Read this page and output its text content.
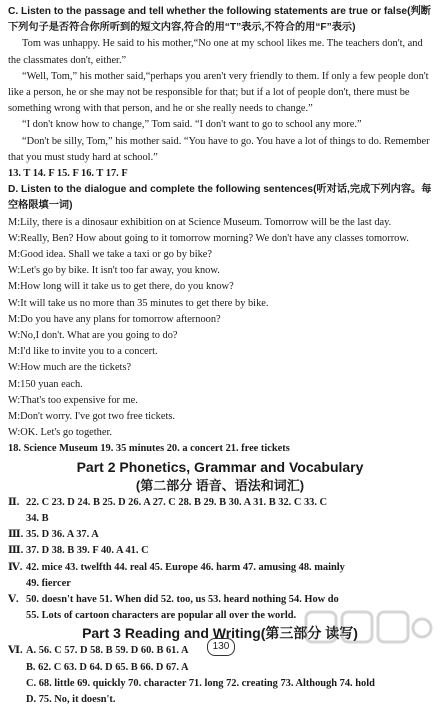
C. Listen to the passage and tell whether the following statements are true or false(判断下列句子是否符合你所听到的短文内容,符合的用“T”表示,不符合的用“F”表示)
Tom was unhappy. He said to his mother,“No one at my school likes me. The teachers don't, and the classmates don't, either.”
“Well, Tom,” his mother said,“perhaps you aren't very friendly to them. If only a few people don't like a person, he or she may not be responsible for that; but if a lot of people don't, there must be something wrong with that person, and he or she really needs to change.”
“I don't know how to change,” Tom said. “I don't want to go to school any more.”
“Don't be silly, Tom,” his mother said. “You have to go. You have a lot of things to do. Remember that you must study hard at school.”
13. T 14. F 15. F 16. T 17. F
D. Listen to the dialogue and complete the following sentences(听对话,完成下列内容。每空格限填一词)
M:Lily, there is a dinosaur exhibition on at Science Museum. Tomorrow will be the last day.
W:Really, Ben? How about going to it tomorrow morning? We don't have any classes tomorrow.
M:Good idea. Shall we take a taxi or go by bike?
W:Let's go by bike. It isn't too far away, you know.
M:How long will it take us to get there, do you know?
W:It will take us no more than 35 minutes to get there by bike.
M:Do you have any plans for tomorrow afternoon?
W:No,I don't. What are you going to do?
M:I'd like to invite you to a concert.
W:How much are the tickets?
M:150 yuan each.
W:That's too expensive for me.
M:Don't worry. I've got two free tickets.
W:OK. Let's go together.
18. Science Museum 19. 35 minutes 20. a concert 21. free tickets
Part 2 Phonetics, Grammar and Vocabulary
(第二部分 语音、语法和词汇)
Ⅱ. 22. C 23. D 24. B 25. D 26. A 27. C 28. B 29. B 30. A 31. B 32. C 33. C
34. B
Ⅲ. 35. D 36. A 37. A
Ⅲ. 37. D 38. B 39. F 40. A 41. C
Ⅳ. 42. mice 43. twelfth 44. real 45. Europe 46. harm 47. amusing 48. mainly
49. fiercer
Ⅴ. 50. doesn't have 51. When did 52. too, us 53. heard nothing 54. How do
55. Lots of cartoon characters are popular all over the world.
Part 3 Reading and Writing(第三部分 读写)
Ⅵ. A. 56. C 57. D 58. B 59. D 60. B 61. A
B. 62. C 63. D 64. D 65. B 66. D 67. A
C. 68. little 69. quickly 70. character 71. long 72. creating 73. Although 74. hold
D. 75. No, it doesn't.
130
